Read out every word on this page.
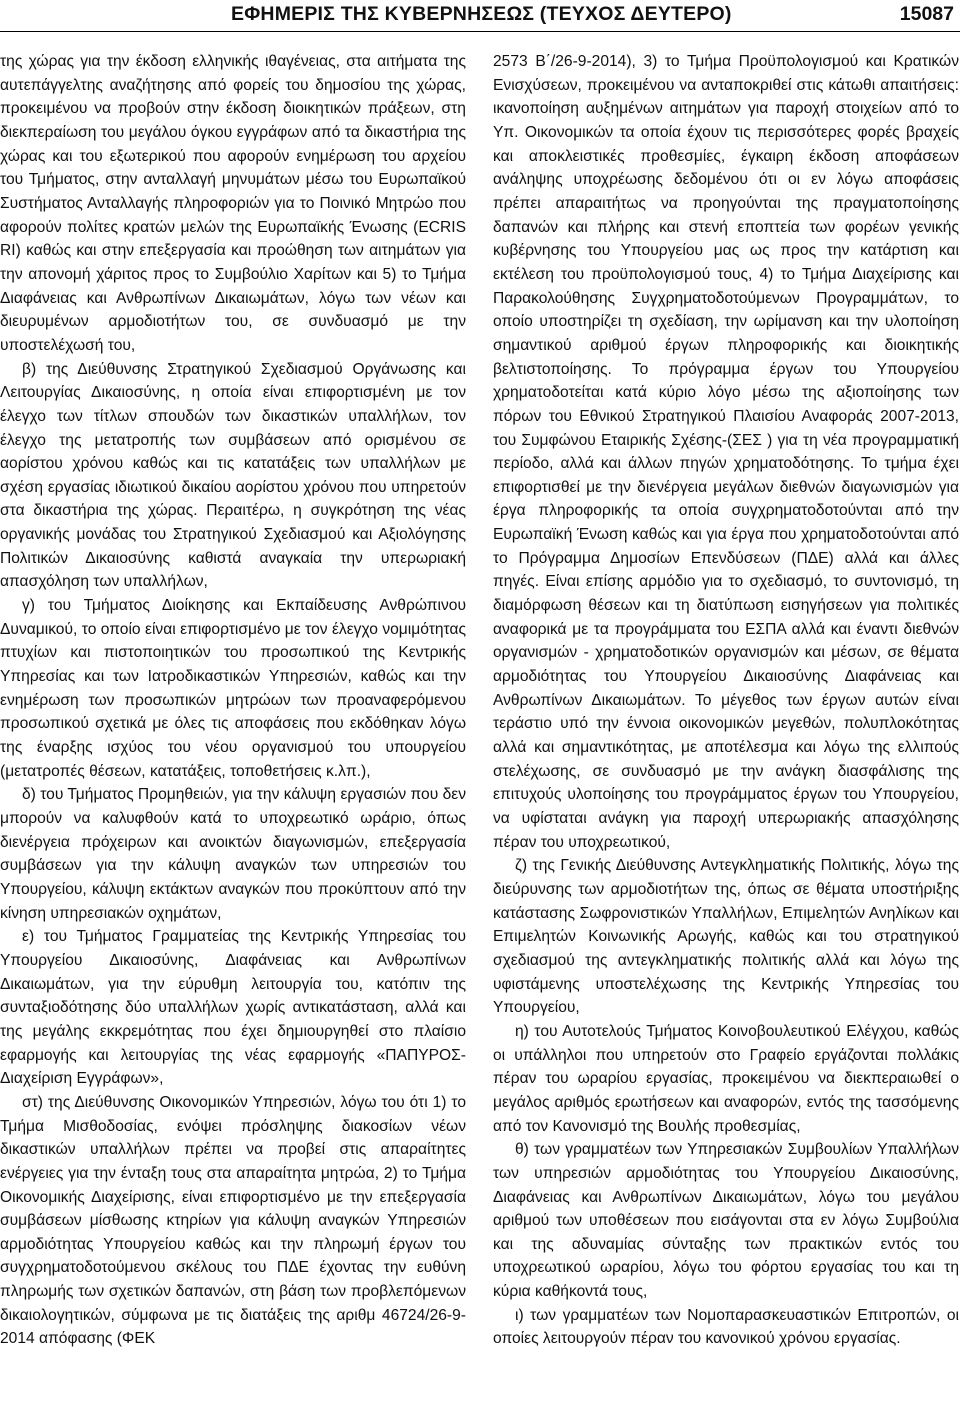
ΕΦΗΜΕΡΙΣ ΤΗΣ ΚΥΒΕΡΝΗΣΕΩΣ (ΤΕΥΧΟΣ ΔΕΥΤΕΡΟ)	15087

της χώρας για την έκδοση ελληνικής ιθαγένειας, στα αιτήματα της αυτεπάγγελτης αναζήτησης από φορείς του δημοσίου της χώρας, προκειμένου να προβούν στην έκδοση διοικητικών πράξεων, στη διεκπεραίωση του μεγάλου όγκου εγγράφων από τα δικαστήρια της χώρας και του εξωτερικού που αφορούν ενημέρωση του αρχείου του Τμήματος, στην ανταλλαγή μηνυμάτων μέσω του Ευρωπαϊκού Συστήματος Ανταλλαγής πληροφοριών για το Ποινικό Μητρώο που αφορούν πολίτες κρατών μελών της Ευρωπαϊκής Ένωσης (ECRIS RI) καθώς και στην επεξεργασία και προώθηση των αιτημάτων για την απονομή χάριτος προς το Συμβούλιο Χαρίτων και 5) το Τμήμα Διαφάνειας και Ανθρωπίνων Δικαιωμάτων, λόγω των νέων και διευρυμένων αρμοδιοτήτων του, σε συνδυασμό με την υποστελέχωσή του,

β) της Διεύθυνσης Στρατηγικού Σχεδιασμού Οργάνωσης και Λειτουργίας Δικαιοσύνης, η οποία είναι επιφορτισμένη με τον έλεγχο των τίτλων σπουδών των δικαστικών υπαλλήλων, τον έλεγχο της μετατροπής των συμβάσεων από ορισμένου σε αορίστου χρόνου καθώς και τις κατατάξεις των υπαλλήλων με σχέση εργασίας ιδιωτικού δικαίου αορίστου χρόνου που υπηρετούν στα δικαστήρια της χώρας. Περαιτέρω, η συγκρότηση της νέας οργανικής μονάδας του Στρατηγικού Σχεδιασμού και Αξιολόγησης Πολιτικών Δικαιοσύνης καθιστά αναγκαία την υπερωριακή απασχόληση των υπαλλήλων,

γ) του Τμήματος Διοίκησης και Εκπαίδευσης Ανθρώπινου Δυναμικού, το οποίο είναι επιφορτισμένο με τον έλεγχο νομιμότητας πτυχίων και πιστοποιητικών του προσωπικού της Κεντρικής Υπηρεσίας και των Ιατροδικαστικών Υπηρεσιών, καθώς και την ενημέρωση των προσωπικών μητρώων των προαναφερόμενου προσωπικού σχετικά με όλες τις αποφάσεις που εκδόθηκαν λόγω της έναρξης ισχύος του νέου οργανισμού του υπουργείου (μετατροπές θέσεων, κατατάξεις, τοποθετήσεις κ.λπ.),

δ) του Τμήματος Προμηθειών, για την κάλυψη εργασιών που δεν μπορούν να καλυφθούν κατά το υποχρεωτικό ωράριο, όπως διενέργεια πρόχειρων και ανοικτών διαγωνισμών, επεξεργασία συμβάσεων για την κάλυψη αναγκών των υπηρεσιών του Υπουργείου, κάλυψη εκτάκτων αναγκών που προκύπτουν από την κίνηση υπηρεσιακών οχημάτων,

ε) του Τμήματος Γραμματείας της Κεντρικής Υπηρεσίας του Υπουργείου Δικαιοσύνης, Διαφάνειας και Ανθρωπίνων Δικαιωμάτων, για την εύρυθμη λειτουργία του, κατόπιν της συνταξιοδότησης δύο υπαλλήλων χωρίς αντικατάσταση, αλλά και της μεγάλης εκκρεμότητας που έχει δημιουργηθεί στο πλαίσιο εφαρμογής και λειτουργίας της νέας εφαρμογής «ΠΑΠΥΡΟΣ-Διαχείριση Εγγράφων»,

στ) της Διεύθυνσης Οικονομικών Υπηρεσιών, λόγω του ότι 1) το Τμήμα Μισθοδοσίας, ενόψει πρόσληψης διακοσίων νέων δικαστικών υπαλλήλων πρέπει να προβεί στις απαραίτητες ενέργειες για την ένταξη τους στα απαραίτητα μητρώα, 2) το Τμήμα Οικονομικής Διαχείρισης, είναι επιφορτισμένο με την επεξεργασία συμβάσεων μίσθωσης κτηρίων για κάλυψη αναγκών Υπηρεσιών αρμοδιότητας Υπουργείου καθώς και την πληρωμή έργων του συγχρηματοδοτούμενου σκέλους του ΠΔΕ έχοντας την ευθύνη πληρωμής των σχετικών δαπανών, στη βάση των προβλεπόμενων δικαιολογητικών, σύμφωνα με τις διατάξεις της αριθμ 46724/26-9-2014 απόφασης (ΦΕΚ

2573 Β΄/26-9-2014), 3) το Τμήμα Προϋπολογισμού και Κρατικών Ενισχύσεων, προκειμένου να ανταποκριθεί στις κάτωθι απαιτήσεις: ικανοποίηση αυξημένων αιτημάτων για παροχή στοιχείων από το Υπ. Οικονομικών τα οποία έχουν τις περισσότερες φορές βραχείς και αποκλειστικές προθεσμίες, έγκαιρη έκδοση αποφάσεων ανάληψης υποχρέωσης δεδομένου ότι οι εν λόγω αποφάσεις πρέπει απαραιτήτως να προηγούνται της πραγματοποίησης δαπανών και πλήρης και στενή εποπτεία των φορέων γενικής κυβέρνησης του Υπουργείου μας ως προς την κατάρτιση και εκτέλεση του προϋπολογισμού τους, 4) το Τμήμα Διαχείρισης και Παρακολούθησης Συγχρηματοδοτούμενων Προγραμμάτων, το οποίο υποστηρίζει τη σχεδίαση, την ωρίμανση και την υλοποίηση σημαντικού αριθμού έργων πληροφορικής και διοικητικής βελτιστοποίησης. Το πρόγραμμα έργων του Υπουργείου χρηματοδοτείται κατά κύριο λόγο μέσω της αξιοποίησης των πόρων του Εθνικού Στρατηγικού Πλαισίου Αναφοράς 2007-2013, του Συμφώνου Εταιρικής Σχέσης-(ΣΕΣ ) για τη νέα προγραμματική περίοδο, αλλά και άλλων πηγών χρηματοδότησης. Το τμήμα έχει επιφορτισθεί με την διενέργεια μεγάλων διεθνών διαγωνισμών για έργα πληροφορικής τα οποία συγχρηματοδοτούνται από την Ευρωπαϊκή Ένωση καθώς και για έργα που χρηματοδοτούνται από το Πρόγραμμα Δημοσίων Επενδύσεων (ΠΔΕ) αλλά και άλλες πηγές. Είναι επίσης αρμόδιο για το σχεδιασμό, το συντονισμό, τη διαμόρφωση θέσεων και τη διατύπωση εισηγήσεων για πολιτικές αναφορικά με τα προγράμματα του ΕΣΠΑ αλλά και έναντι διεθνών οργανισμών - χρηματοδοτικών οργανισμών και μέσων, σε θέματα αρμοδιότητας του Υπουργείου Δικαιοσύνης Διαφάνειας και Ανθρωπίνων Δικαιωμάτων. Το μέγεθος των έργων αυτών είναι τεράστιο υπό την έννοια οικονομικών μεγεθών, πολυπλοκότητας αλλά και σημαντικότητας, με αποτέλεσμα και λόγω της ελλιπούς στελέχωσης, σε συνδυασμό με την ανάγκη διασφάλισης της επιτυχούς υλοποίησης του προγράμματος έργων του Υπουργείου, να υφίσταται ανάγκη για παροχή υπερωριακής απασχόλησης πέραν του υποχρεωτικού,

ζ) της Γενικής Διεύθυνσης Αντεγκληματικής Πολιτικής, λόγω της διεύρυνσης των αρμοδιοτήτων της, όπως σε θέματα υποστήριξης κατάστασης Σωφρονιστικών Υπαλλήλων, Επιμελητών Ανηλίκων και Επιμελητών Κοινωνικής Αρωγής, καθώς και του στρατηγικού σχεδιασμού της αντεγκληματικής πολιτικής αλλά και λόγω της υφιστάμενης υποστελέχωσης της Κεντρικής Υπηρεσίας του Υπουργείου,

η) του Αυτοτελούς Τμήματος Κοινοβουλευτικού Ελέγχου, καθώς οι υπάλληλοι που υπηρετούν στο Γραφείο εργάζονται πολλάκις πέραν του ωραρίου εργασίας, προκειμένου να διεκπεραιωθεί ο μεγάλος αριθμός ερωτήσεων και αναφορών, εντός της τασσόμενης από τον Κανονισμό της Βουλής προθεσμίας,

θ) των γραμματέων των Υπηρεσιακών Συμβουλίων Υπαλλήλων των υπηρεσιών αρμοδιότητας του Υπουργείου Δικαιοσύνης, Διαφάνειας και Ανθρωπίνων Δικαιωμάτων, λόγω του μεγάλου αριθμού των υποθέσεων που εισάγονται στα εν λόγω Συμβούλια και της αδυναμίας σύνταξης των πρακτικών εντός του υποχρεωτικού ωραρίου, λόγω του φόρτου εργασίας του και τη κύρια καθήκοντά τους,

ι) των γραμματέων των Νομοπαρασκευαστικών Επιτροπών, οι οποίες λειτουργούν πέραν του κανονικού χρόνου εργασίας.
